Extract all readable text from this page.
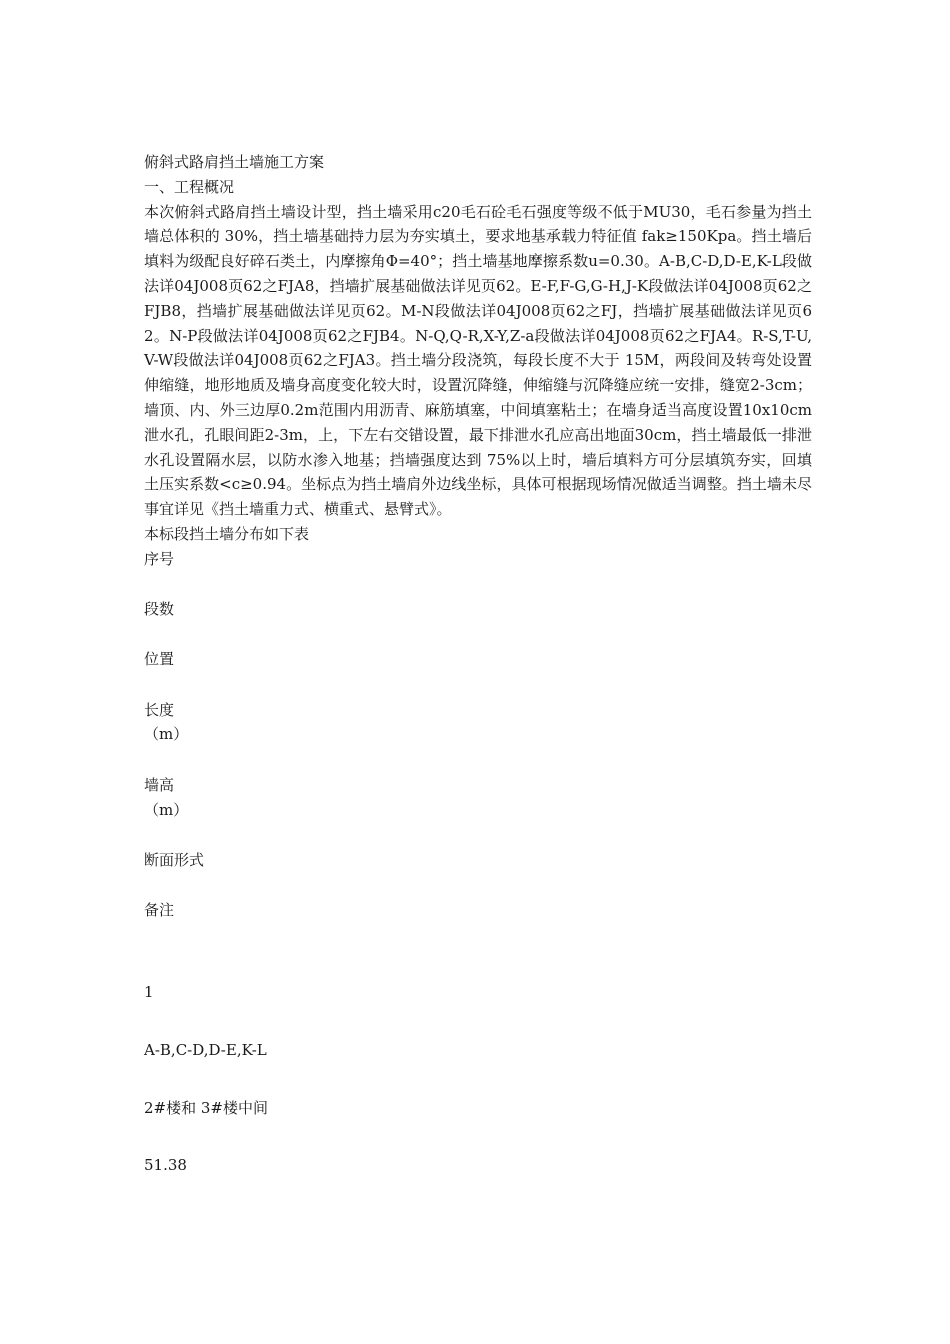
俯斜式路肩挡土墙施工方案
一、工程概况
本次俯斜式路肩挡土墙设计型，挡土墙采用c20毛石砼毛石强度等级不低于MU30，毛石参量为挡土墙总体积的 30%，挡土墙基础持力层为夯实填土，要求地基承载力特征值 fak≥150Kpa。挡土墙后填料为级配良好碎石类土，内摩擦角Φ=40°；挡土墙基地摩擦系数u=0.30。A-B,C-D,D-E,K-L段做法详04J008页62之FJA8，挡墙扩展基础做法详见页62。E-F,F-G,G-H,J-K段做法详04J008页62之FJB8，挡墙扩展基础做法详见页62。M-N段做法详04J008页62之FJ，挡墙扩展基础做法详见页62。N-P段做法详04J008页62之FJB4。N-Q,Q-R,X-Y,Z-a段做法详04J008页62之FJA4。R-S,T-U,V-W段做法详04J008页62之FJA3。挡土墙分段浇筑，每段长度不大于 15M，两段间及转弯处设置伸缩缝，地形地质及墙身高度变化较大时，设置沉降缝，伸缩缝与沉降缝应统一安排，缝宽2-3cm；墙顶、内、外三边厚0.2m范围内用沥青、麻筋填塞，中间填塞粘土；在墙身适当高度设置10x10cm泄水孔，孔眼间距2-3m，上，下左右交错设置，最下排泄水孔应高出地面30cm，挡土墙最低一排泄水孔设置隔水层，以防水渗入地基；挡墙强度达到 75%以上时，墙后填料方可分层填筑夯实，回填土压实系数<c≥0.94。坐标点为挡土墙肩外边线坐标，具体可根据现场情况做适当调整。挡土墙未尽事宜详见《挡土墙重力式、横重式、悬臂式》。
本标段挡土墙分布如下表
序号
段数
位置
长度
（m）
墙高
（m）
断面形式
备注
1
A-B,C-D,D-E,K-L
2#楼和 3#楼中间
51.38
